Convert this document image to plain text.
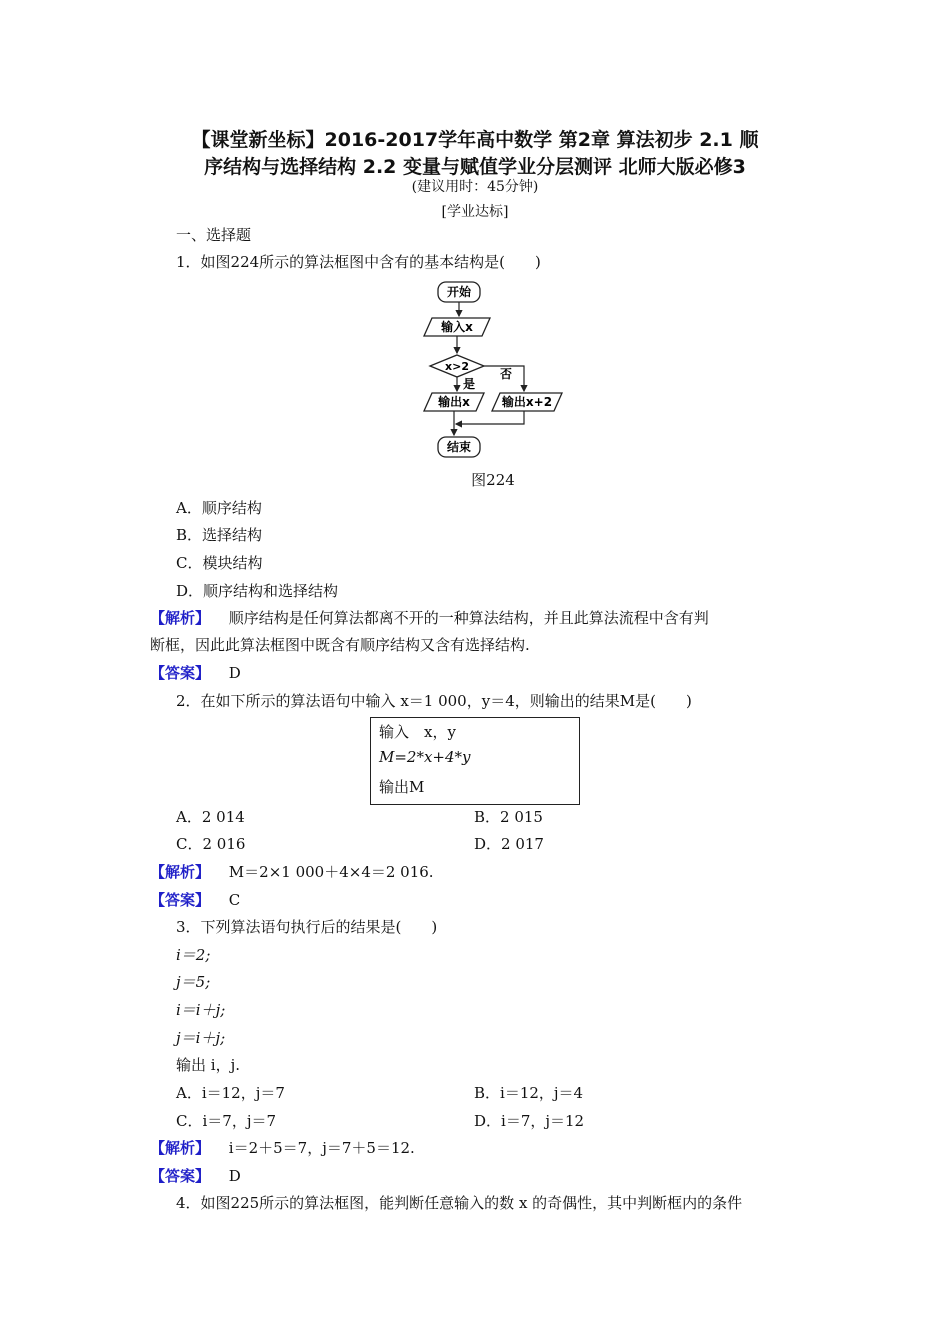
【课堂新坐标】2016-2017学年高中数学 第2章 算法初步 2.1 顺
序结构与选择结构 2.2 变量与赋值学业分层测评 北师大版必修3
(建议用时：45分钟)
[学业达标]
一、选择题
1．如图224所示的算法框图中含有的基本结构是(　　)
开始
输入x
x>2
否
是
输出x	输出x+2
结束
图224
A．顺序结构
B．选择结构
C．模块结构
D．顺序结构和选择结构
【解析】 顺序结构是任何算法都离不开的一种算法结构，并且此算法流程中含有判
断框，因此此算法框图中既含有顺序结构又含有选择结构.
【答案】 D
2．在如下所示的算法语句中输入 x＝1 000，y＝4，则输出的结果M是(　　)
输入　x，y
M=2*x+4*y
输出M
A．2 014	B．2 015
C．2 016	D．2 017
【解析】 M＝2×1 000＋4×4＝2 016.
【答案】 C
3．下列算法语句执行后的结果是(　　)
i＝2;
j＝5;
i＝i＋j;
j＝i＋j;
输出 i，j.
A．i＝12，j＝7	B．i＝12，j＝4
C．i＝7，j＝7	D．i＝7，j＝12
【解析】 i＝2＋5＝7，j＝7＋5＝12.
【答案】 D
4．如图225所示的算法框图，能判断任意输入的数 x 的奇偶性，其中判断框内的条件
